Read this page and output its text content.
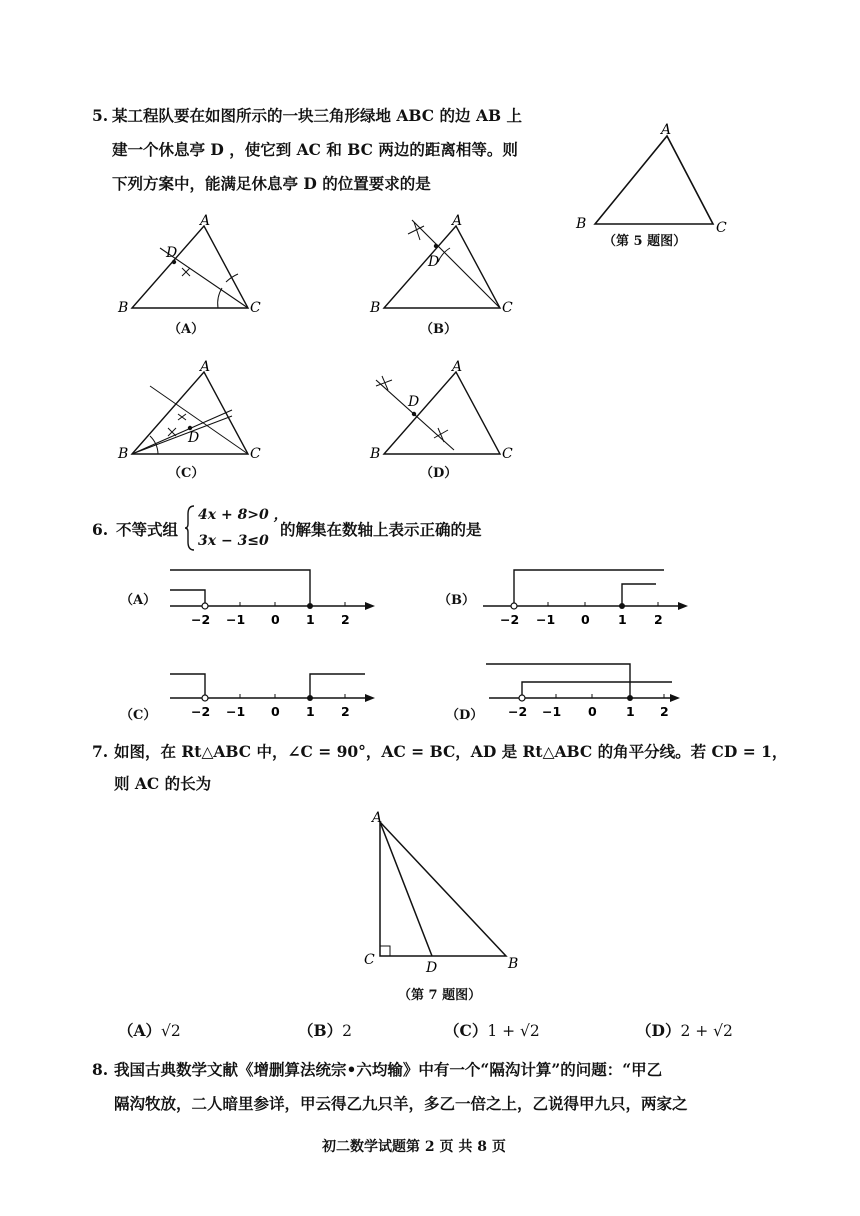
5. 某工程队要在如图所示的一块三角形绿地 ABC 的边 AB 上
建一个休息亭 D ，使它到 AC 和 BC 两边的距离相等。则
下列方案中，能满足休息亭 D 的位置要求的是
A
B	C
（第 5 题图）
A
B	C
D
（A）
A
B	C
D
（B）
A
B	C
D
（C）
A
B	C
D
（D）
6. 不等式组
4x + 8>0 ，
3x − 3≤0
的解集在数轴上表示正确的是
（A）
−2 −1 0 1 2
（B）
−2 −1 0 1 2
（C）	−2 −1 0 1 2	（D） −2 −1 0 1 2
7. 如图，在 Rt△ABC 中，∠C = 90°，AC = BC，AD 是 Rt△ABC 的角平分线。若 CD = 1，
则 AC 的长为
A
C	D	B
（第 7 题图）
（A）√2	（B）2	（C）1 + √2	（D）2 + √2
8. 我国古典数学文献《增删算法统宗•六均输》中有一个“隔沟计算”的问题：“甲乙
隔沟牧放，二人暗里参详，甲云得乙九只羊，多乙一倍之上，乙说得甲九只，两家之
初二数学试题第 2 页 共 8 页
